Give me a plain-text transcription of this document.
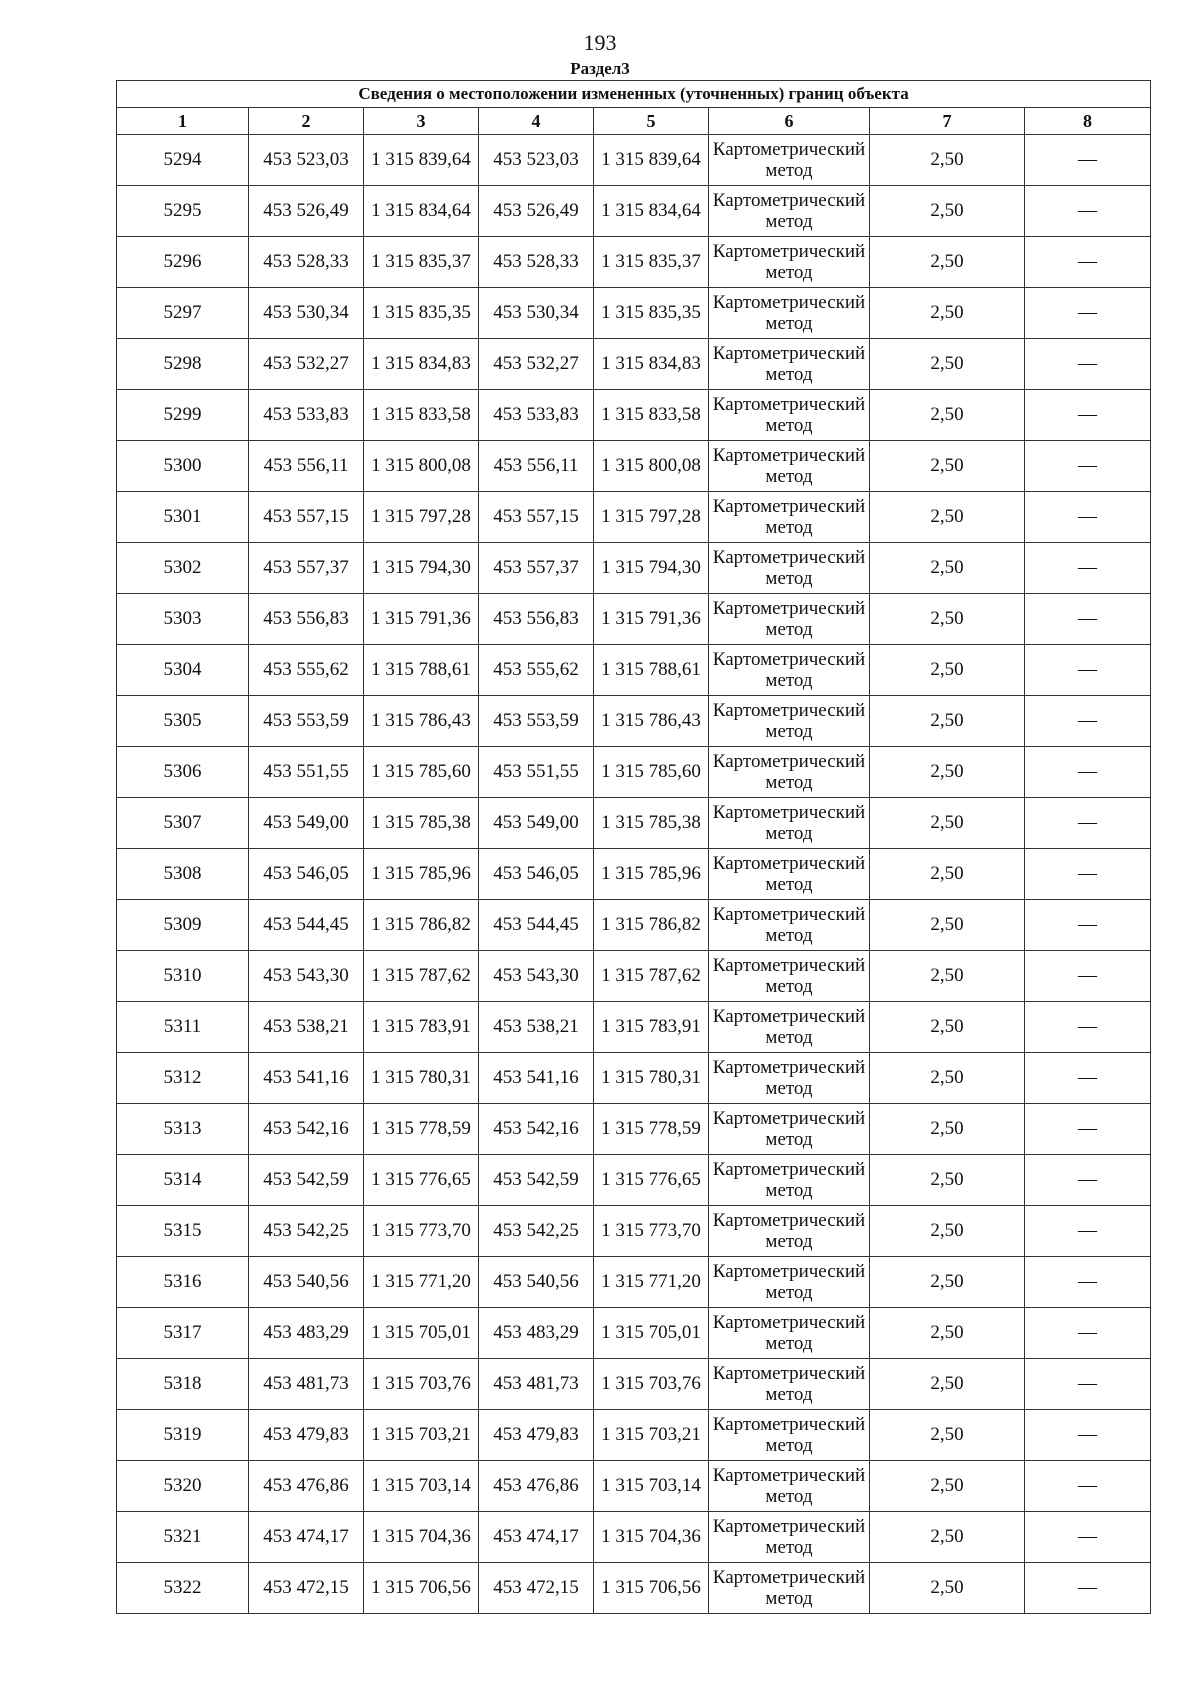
193
Раздел3
Сведения о местоположении измененных (уточненных) границ объекта							
1	2	3	4	5	6	7	8
5294	453 523,03	1 315 839,64	453 523,03	1 315 839,64	Картометрический метод	2,50	—
5295	453 526,49	1 315 834,64	453 526,49	1 315 834,64	Картометрический метод	2,50	—
5296	453 528,33	1 315 835,37	453 528,33	1 315 835,37	Картометрический метод	2,50	—
5297	453 530,34	1 315 835,35	453 530,34	1 315 835,35	Картометрический метод	2,50	—
5298	453 532,27	1 315 834,83	453 532,27	1 315 834,83	Картометрический метод	2,50	—
5299	453 533,83	1 315 833,58	453 533,83	1 315 833,58	Картометрический метод	2,50	—
5300	453 556,11	1 315 800,08	453 556,11	1 315 800,08	Картометрический метод	2,50	—
5301	453 557,15	1 315 797,28	453 557,15	1 315 797,28	Картометрический метод	2,50	—
5302	453 557,37	1 315 794,30	453 557,37	1 315 794,30	Картометрический метод	2,50	—
5303	453 556,83	1 315 791,36	453 556,83	1 315 791,36	Картометрический метод	2,50	—
5304	453 555,62	1 315 788,61	453 555,62	1 315 788,61	Картометрический метод	2,50	—
5305	453 553,59	1 315 786,43	453 553,59	1 315 786,43	Картометрический метод	2,50	—
5306	453 551,55	1 315 785,60	453 551,55	1 315 785,60	Картометрический метод	2,50	—
5307	453 549,00	1 315 785,38	453 549,00	1 315 785,38	Картометрический метод	2,50	—
5308	453 546,05	1 315 785,96	453 546,05	1 315 785,96	Картометрический метод	2,50	—
5309	453 544,45	1 315 786,82	453 544,45	1 315 786,82	Картометрический метод	2,50	—
5310	453 543,30	1 315 787,62	453 543,30	1 315 787,62	Картометрический метод	2,50	—
5311	453 538,21	1 315 783,91	453 538,21	1 315 783,91	Картометрический метод	2,50	—
5312	453 541,16	1 315 780,31	453 541,16	1 315 780,31	Картометрический метод	2,50	—
5313	453 542,16	1 315 778,59	453 542,16	1 315 778,59	Картометрический метод	2,50	—
5314	453 542,59	1 315 776,65	453 542,59	1 315 776,65	Картометрический метод	2,50	—
5315	453 542,25	1 315 773,70	453 542,25	1 315 773,70	Картометрический метод	2,50	—
5316	453 540,56	1 315 771,20	453 540,56	1 315 771,20	Картометрический метод	2,50	—
5317	453 483,29	1 315 705,01	453 483,29	1 315 705,01	Картометрический метод	2,50	—
5318	453 481,73	1 315 703,76	453 481,73	1 315 703,76	Картометрический метод	2,50	—
5319	453 479,83	1 315 703,21	453 479,83	1 315 703,21	Картометрический метод	2,50	—
5320	453 476,86	1 315 703,14	453 476,86	1 315 703,14	Картометрический метод	2,50	—
5321	453 474,17	1 315 704,36	453 474,17	1 315 704,36	Картометрический метод	2,50	—
5322	453 472,15	1 315 706,56	453 472,15	1 315 706,56	Картометрический метод	2,50	—
